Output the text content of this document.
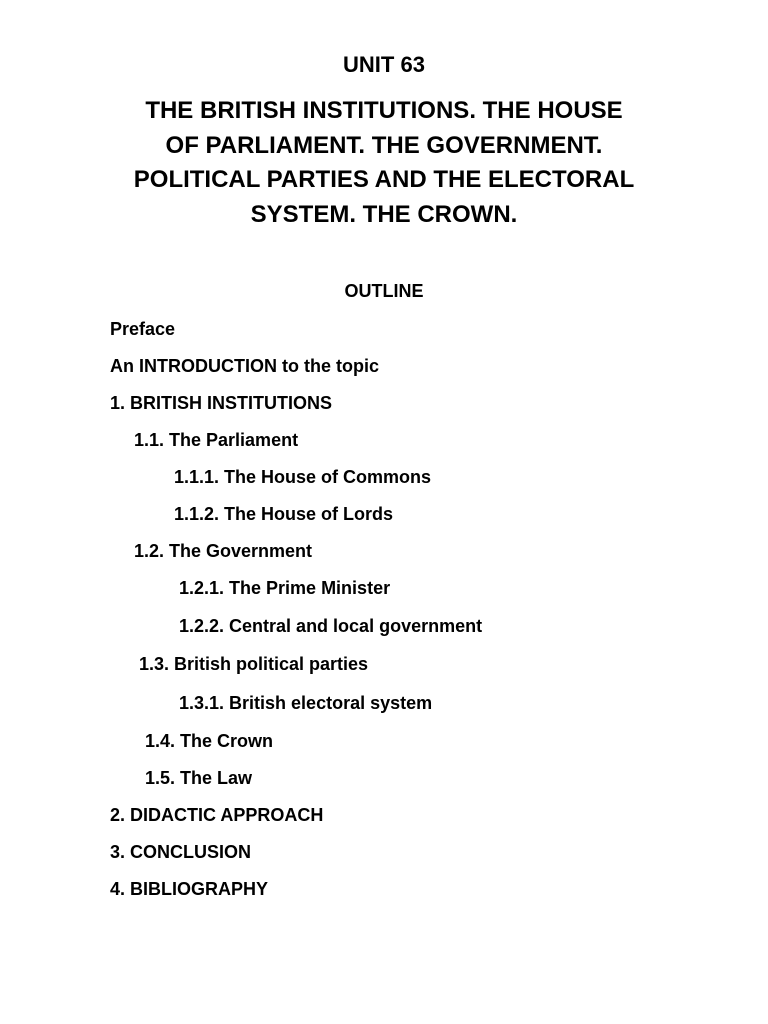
UNIT 63
THE BRITISH INSTITUTIONS. THE HOUSE
OF PARLIAMENT. THE GOVERNMENT.
POLITICAL PARTIES AND THE ELECTORAL
SYSTEM. THE CROWN.
OUTLINE
Preface
An INTRODUCTION to the topic
1. BRITISH INSTITUTIONS
1.1. The Parliament
1.1.1. The House of Commons
1.1.2. The House of Lords
1.2. The Government
1.2.1. The Prime Minister
1.2.2. Central and local government
1.3. British political parties
1.3.1. British electoral system
1.4. The Crown
1.5. The Law
2. DIDACTIC APPROACH
3. CONCLUSION
4. BIBLIOGRAPHY
